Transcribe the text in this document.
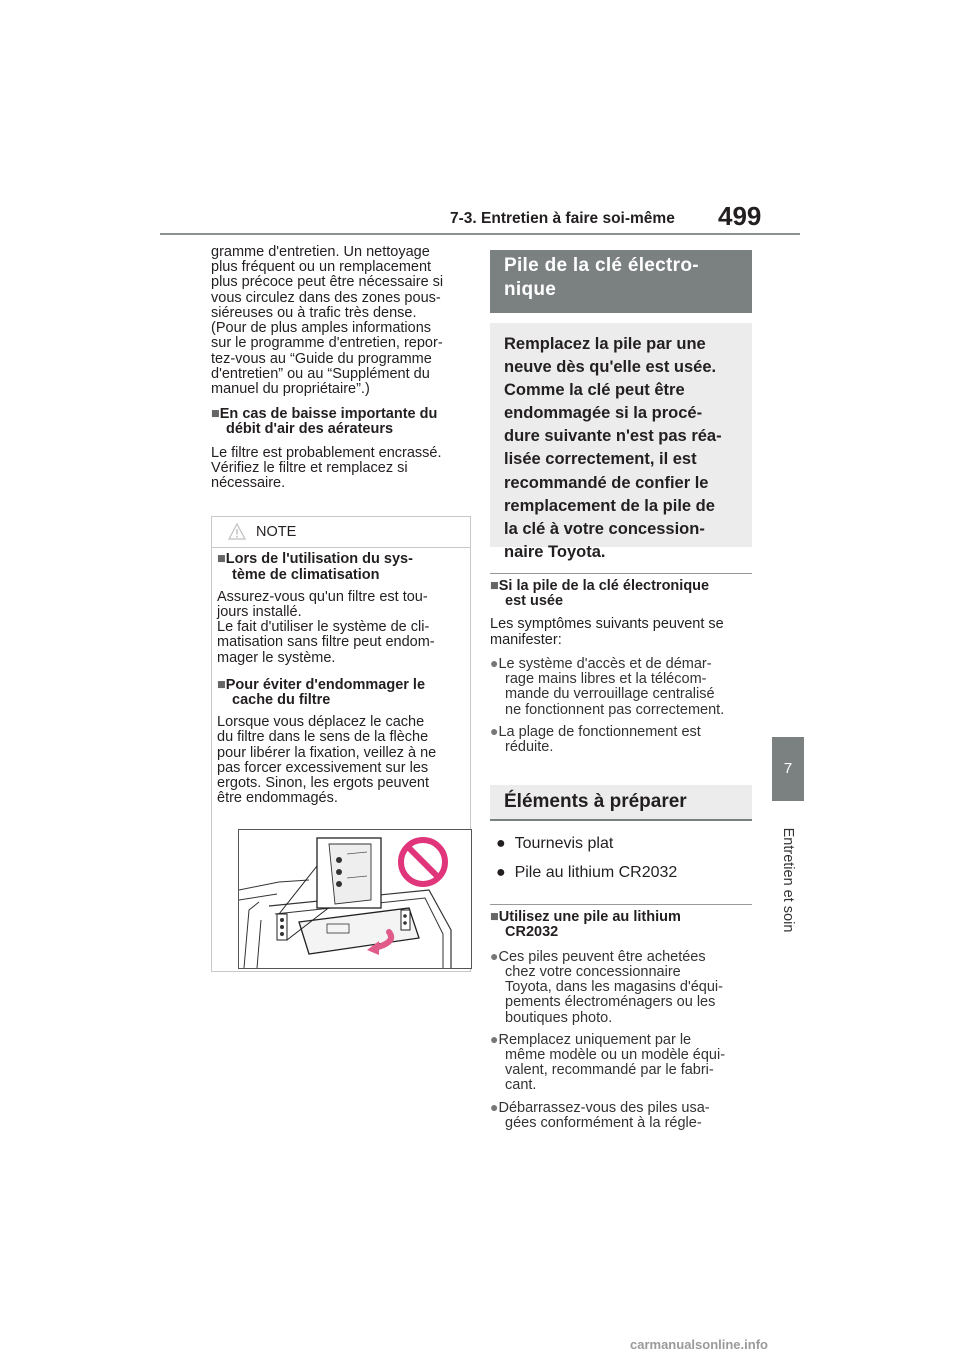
7-3. Entretien à faire soi-même 499
7
Entretien et soin

gramme d'entretien. Un nettoyage
plus fréquent ou un remplacement
plus précoce peut être nécessaire si
vous circulez dans des zones pous-
siéreuses ou à trafic très dense.
(Pour de plus amples informations
sur le programme d'entretien, repor-
tez-vous au “Guide du programme
d'entretien” ou au “Supplément du
manuel du propriétaire”.)

■En cas de baisse importante du
débit d'air des aérateurs

Le filtre est probablement encrassé.
Vérifiez le filtre et remplacez si
nécessaire.

NOTE

■Lors de l'utilisation du sys-
tème de climatisation

Assurez-vous qu'un filtre est tou-
jours installé.
Le fait d'utiliser le système de cli-
matisation sans filtre peut endom-
mager le système.

■Pour éviter d'endommager le
cache du filtre

Lorsque vous déplacez le cache
du filtre dans le sens de la flèche
pour libérer la fixation, veillez à ne
pas forcer excessivement sur les
ergots. Sinon, les ergots peuvent
être endommagés.

Pile de la clé électro-
nique
Remplacez la pile par une
neuve dès qu'elle est usée.
Comme la clé peut être
endommagée si la procé-
dure suivante n'est pas réa-
lisée correctement, il est
recommandé de confier le
remplacement de la pile de
la clé à votre concession-
naire Toyota.

■Si la pile de la clé électronique
est usée

Les symptômes suivants peuvent se
manifester:

●Le système d'accès et de démar-
rage mains libres et la télécom-
mande du verrouillage centralisé
ne fonctionnent pas correctement.

●La plage de fonctionnement est
réduite.

Éléments à préparer

● Tournevis plat

● Pile au lithium CR2032

■Utilisez une pile au lithium
CR2032

●Ces piles peuvent être achetées
chez votre concessionnaire
Toyota, dans les magasins d'équi-
pements électroménagers ou les
boutiques photo.

●Remplacez uniquement par le
même modèle ou un modèle équi-
valent, recommandé par le fabri-
cant.

●Débarrassez-vous des piles usa-
gées conformément à la régle-

carmanualsonline.info
